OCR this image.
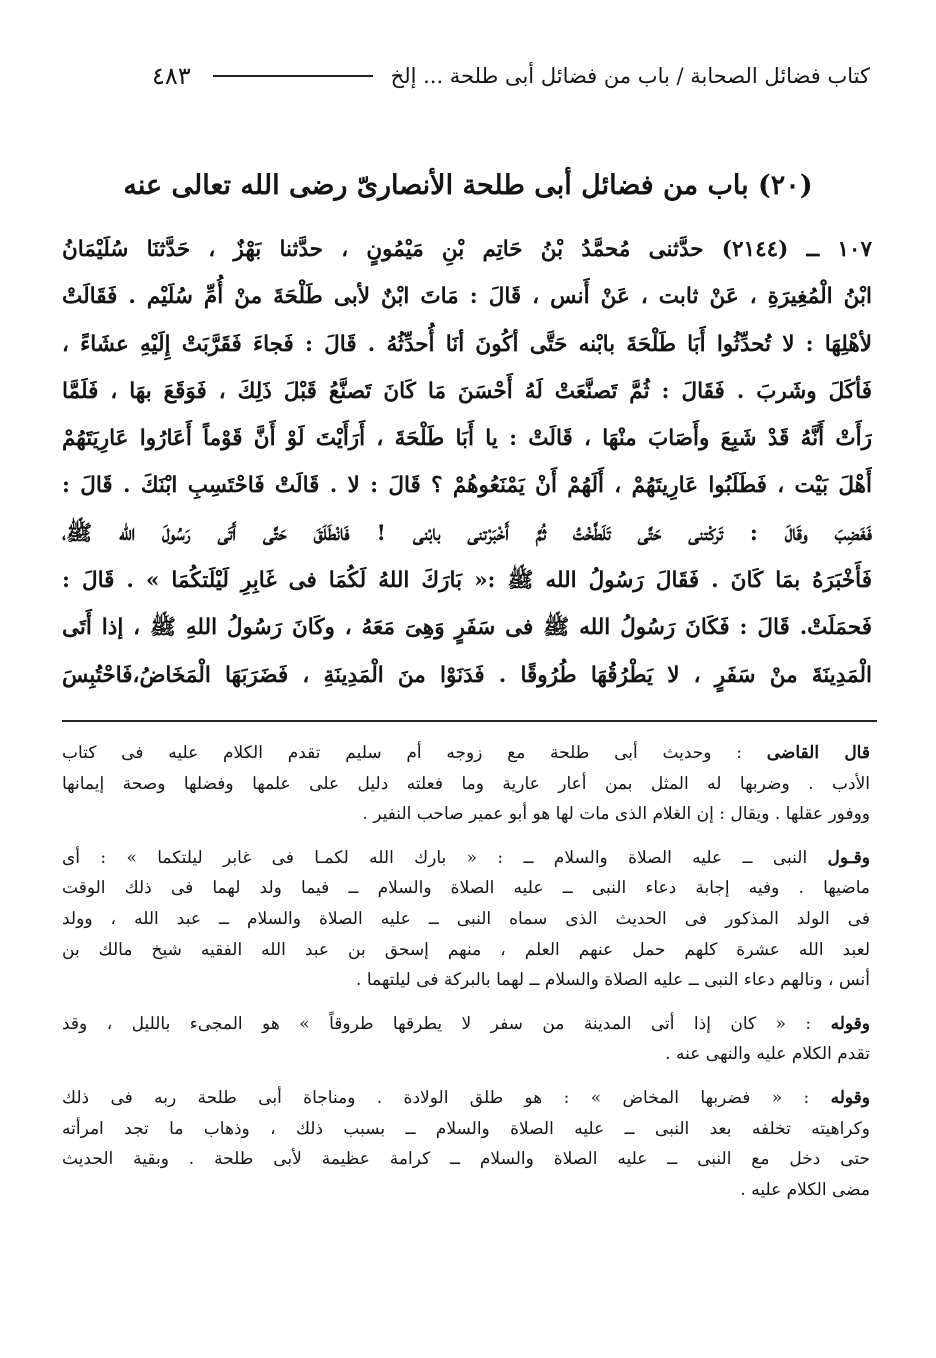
كتاب فضائل الصحابة / باب من فضائل أبى طلحة ... إلخ
٤٨٣
(٢٠) باب من فضائل أبى طلحة الأنصارىّ رضى الله تعالى عنه
١٠٧ ــ (٢١٤٤) حدَّثنى مُحمَّدُ بْنُ حَاتِم بْنِ مَيْمُونٍ ، حدَّثنا بَهْزٌ ، حَدَّثنَا سُلَيْمَانُ
ابْنُ الْمُغِيرَةِ ، عَنْ ثابت ، عَنْ أَنس ، قَالَ : مَاتَ ابْنٌ لأبى طَلْحَةَ منْ أُمِّ سُلَيْم . فَقَالَتْ
لأهْلِهَا : لا تُحدِّثُوا أَبَا طَلْحَةَ بابْنه حَتَّى أكُونَ أنَا أُحدِّثُهُ . قَالَ : فَجاءَ فَقَرَّبَتْ إِلَيْهِ عشَاءً ،
فَأكَلَ وشَربَ . فَقَالَ : ثُمَّ تَصنَّعَتْ لَهُ أَحْسَنَ مَا كَانَ تَصنَّعُ قَبْلَ ذَلِكَ ، فَوَقَعَ بهَا ، فَلَمَّا
رَأَتْ أَنَّهُ قَدْ شَبِعَ وأَصَابَ منْهَا ، قَالَتْ : يا أَبَا طَلْحَةَ ، أَرَأَيْتَ لَوْ أَنَّ قَوْماً أَعَارُوا عَارِيَتَهُمْ
أَهْلَ بَيْت ، فَطَلَبُوا عَارِيتَهُمْ ، أَلَهُمْ أَنْ يَمْنَعُوهُمْ ؟ قَالَ : لا . قَالَتْ فَاحْتَسِبِ ابْنَكَ . قَالَ :
فَغَضِبَ وقَالَ : تَركْتنى حَتَّى تَلَطَّخْتُ ثُمَّ أَخْبَرْتنى بابْنى ! فَانْطَلَقَ حَتَّى أَتَى رَسُولَ الله ﷺ،
فَأَخْبَرَهُ بمَا كَانَ . فَقَالَ رَسُولُ الله ﷺ :« بَارَكَ اللهُ لَكُمَا فى غَابِرِ لَيْلَتكُمَا » . قَالَ :
فَحمَلَتْ. قَالَ : فَكَانَ رَسُولُ الله ﷺ فى سَفَرٍ وَهِىَ مَعَهُ ، وكَانَ رَسُولُ اللهِ ﷺ ، إذا أَتَى
الْمَدِينَةَ منْ سَفَرٍ ، لا يَطْرُقُهَا طُرُوقًا . فَدَنَوْا منَ الْمَدِينَةِ ، فَضَرَبَهَا الْمَخَاضُ،فَاحْتُبِسَ
قال القاضى : وحديث أبى طلحة مع زوجه أم سليم تقدم الكلام عليه فى كتاب
الأدب . وضربها له المثل بمن أعار عارية وما فعلته دليل على علمها وفضلها وصحة إيمانها
ووفور عقلها . ويقال : إن الغلام الذى مات لها هو أبو عمير صاحب النفير .
وقـول النبى ــ عليه الصلاة والسلام ــ : « بارك الله لكمـا فى غابر ليلتكما » : أى
ماضيها . وفيه إجابة دعاء النبى ــ عليه الصلاة والسلام ــ فيما ولد لهما فى ذلك الوقت
فى الولد المذكور فى الحديث الذى سماه النبى ــ عليه الصلاة والسلام ــ عبد الله ، وولد
لعبد الله عشرة كلهم حمل عنهم العلم ، منهم إسحق بن عبد الله الفقيه شيخ مالك بن
أنس ، ونالهم دعاء النبى ــ عليه الصلاة والسلام ــ لهما بالبركة فى ليلتهما .
وقوله : « كان إذا أتى المدينة من سفر لا يطرقها طروقاً » هو المجىء بالليل ، وقد
تقدم الكلام عليه والنهى عنه .
وقوله : « فضربها المخاض » : هو طلق الولادة . ومناجاة أبى طلحة ربه فى ذلك
وكراهيته تخلفه بعد النبى ــ عليه الصلاة والسلام ــ بسبب ذلك ، وذهاب ما تجد امرأته
حتى دخل مع النبى ــ عليه الصلاة والسلام ــ كرامة عظيمة لأبى طلحة . وبقية الحديث
مضى الكلام عليه .
